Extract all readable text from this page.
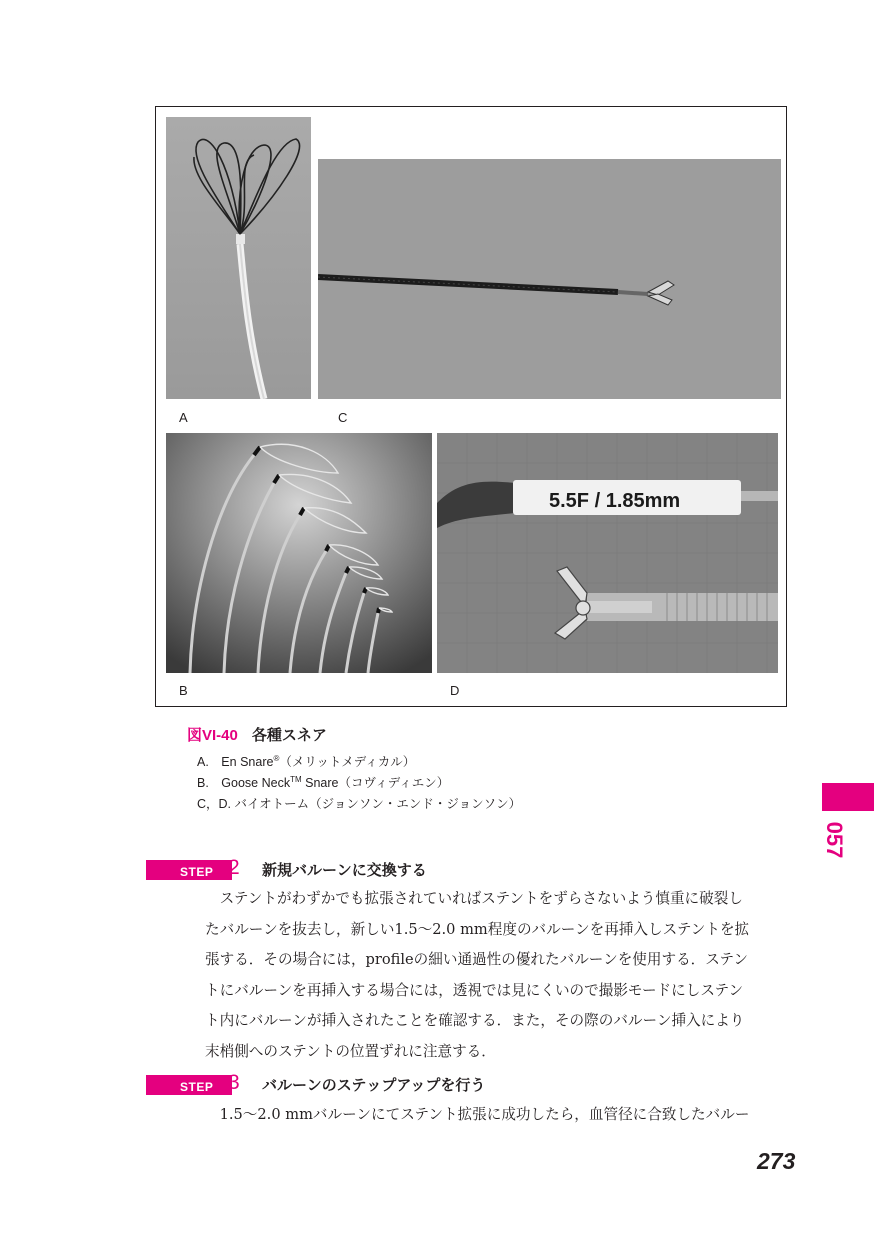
5.5F / 1.85mm
A	C
B	D
図VI-40 各種スネア
A.　En Snare®（メリットメディカル）
B.　Goose Neck™ Snare（コヴィディエン）
C，D. バイオトーム（ジョンソン・エンド・ジョンソン）
057
STEP 2 新規バルーンに交換する
　ステントがわずかでも拡張されていればステントをずらさないよう慎重に破裂し
たバルーンを抜去し，新しい1.5〜2.0 mm程度のバルーンを再挿入しステントを拡
張する．その場合には，profileの細い通過性の優れたバルーンを使用する．ステン
トにバルーンを再挿入する場合には，透視では見にくいので撮影モードにしステン
ト内にバルーンが挿入されたことを確認する．また，その際のバルーン挿入により
末梢側へのステントの位置ずれに注意する．
STEP 3 バルーンのステップアップを行う
　1.5〜2.0 mmバルーンにてステント拡張に成功したら，血管径に合致したバルー
273
